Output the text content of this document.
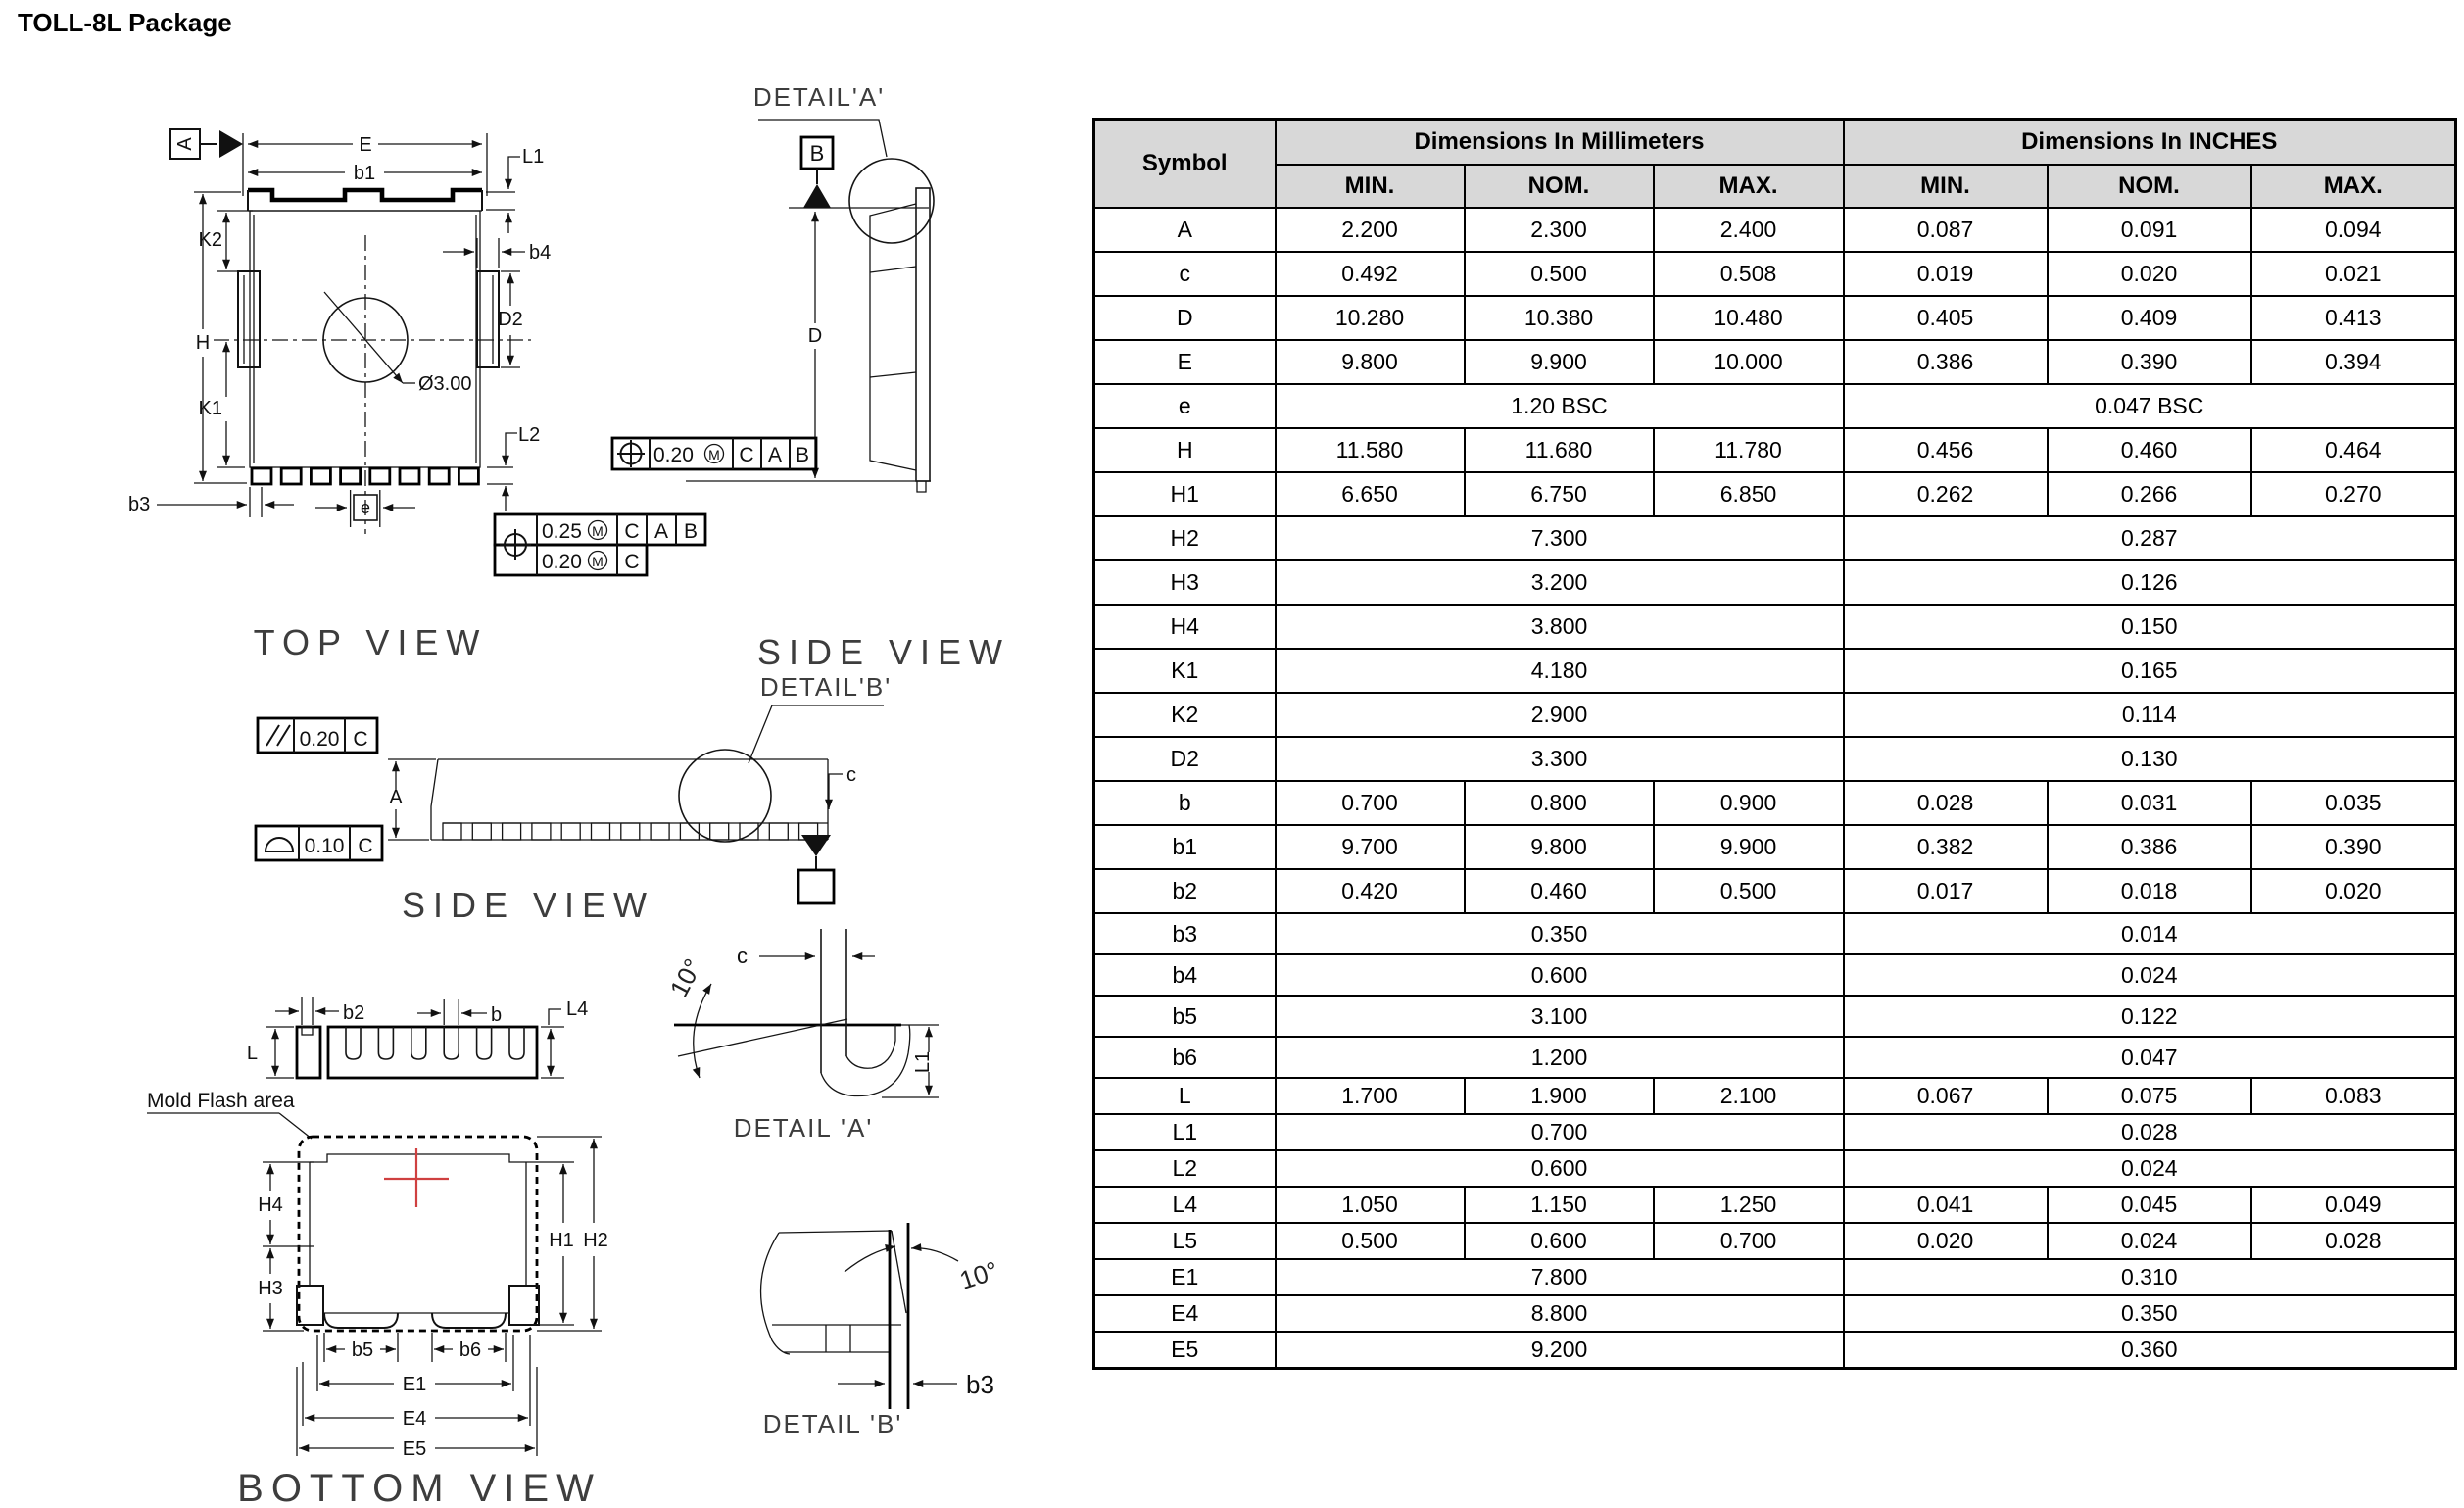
TOLL-8L Package
A
Ø3.00
E
b1
L1
K2
K1
H
b4
D2
L2
b3	e
TOP VIEW
0.25 M C A B
0.20 M C
DETAIL'A'
B
D
0.20 M C A B
SIDE VIEW
0.20 C
0.10 C
A
DETAIL'B'
c
SIDE VIEW
10° c
L1
DETAIL 'A'
b2	b	L4
L
Mold Flash area
H4
H3
H1 H2
b5	b6
E1
E4
E5
BOTTOM VIEW
10°
b3
DETAIL 'B'
Symbol	Dimensions In Millimeters			Dimensions In INCHES		
	MIN.	NOM.	MAX.	MIN.	NOM.	MAX.
A	2.200	2.300	2.400	0.087	0.091	0.094
c	0.492	0.500	0.508	0.019	0.020	0.021
D	10.280	10.380	10.480	0.405	0.409	0.413
E	9.800	9.900	10.000	0.386	0.390	0.394
e	1.20 BSC			0.047 BSC		
H	11.580	11.680	11.780	0.456	0.460	0.464
H1	6.650	6.750	6.850	0.262	0.266	0.270
H2	7.300			0.287		
H3	3.200			0.126		
H4	3.800			0.150		
K1	4.180			0.165		
K2	2.900			0.114		
D2	3.300			0.130		
b	0.700	0.800	0.900	0.028	0.031	0.035
b1	9.700	9.800	9.900	0.382	0.386	0.390
b2	0.420	0.460	0.500	0.017	0.018	0.020
b3	0.350			0.014		
b4	0.600			0.024		
b5	3.100			0.122		
b6	1.200			0.047		
L	1.700	1.900	2.100	0.067	0.075	0.083
L1	0.700			0.028		
L2	0.600			0.024		
L4	1.050	1.150	1.250	0.041	0.045	0.049
L5	0.500	0.600	0.700	0.020	0.024	0.028
E1	7.800			0.310		
E4	8.800			0.350		
E5	9.200			0.360		
